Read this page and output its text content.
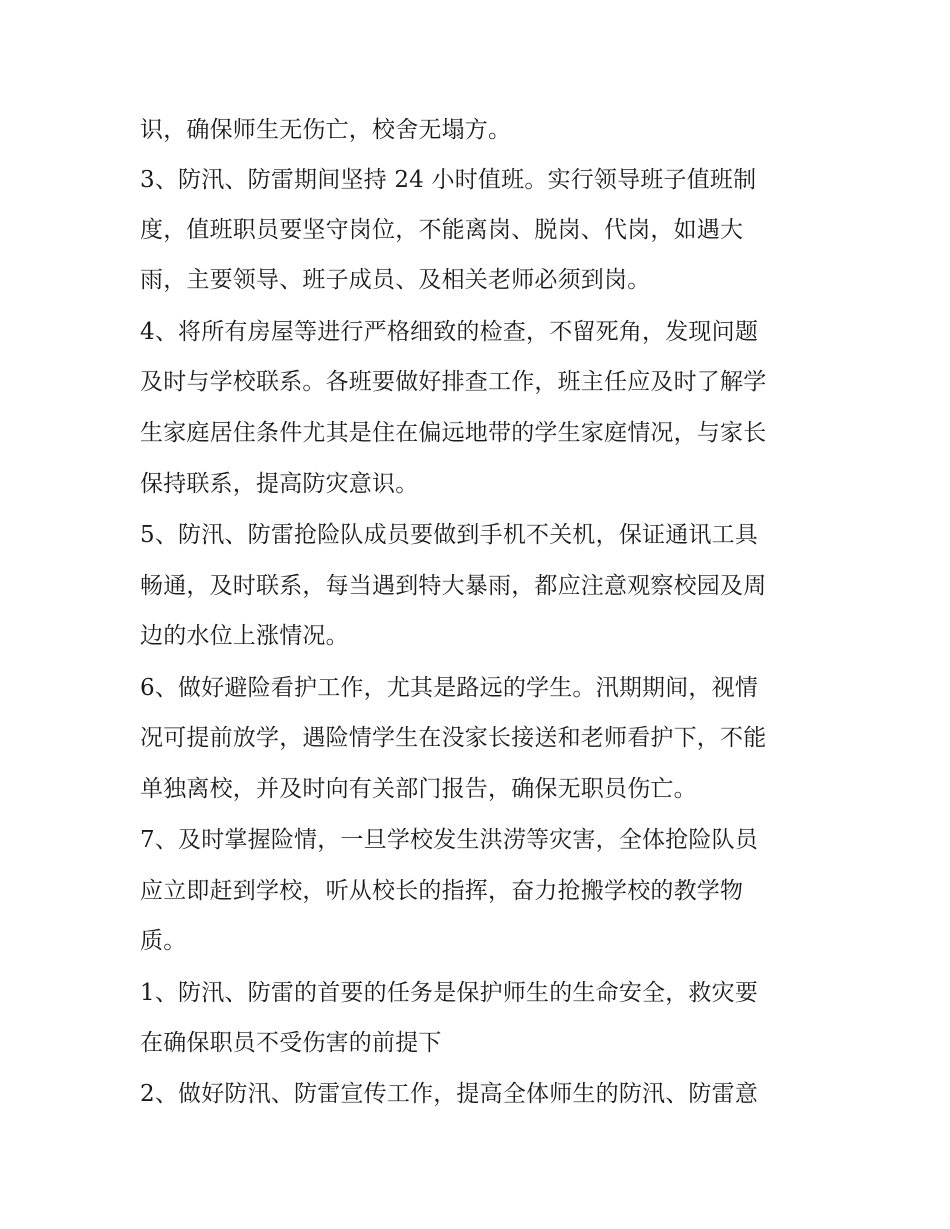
识，确保师生无伤亡，校舍无塌方。
3、防汛、防雷期间坚持 24 小时值班。实行领导班子值班制
度，值班职员要坚守岗位，不能离岗、脱岗、代岗，如遇大
雨，主要领导、班子成员、及相关老师必须到岗。
4、将所有房屋等进行严格细致的检查，不留死角，发现问题
及时与学校联系。各班要做好排查工作，班主任应及时了解学
生家庭居住条件尤其是住在偏远地带的学生家庭情况，与家长
保持联系，提高防灾意识。
5、防汛、防雷抢险队成员要做到手机不关机，保证通讯工具
畅通，及时联系，每当遇到特大暴雨，都应注意观察校园及周
边的水位上涨情况。
6、做好避险看护工作，尤其是路远的学生。汛期期间，视情
况可提前放学，遇险情学生在没家长接送和老师看护下，不能
单独离校，并及时向有关部门报告，确保无职员伤亡。
7、及时掌握险情，一旦学校发生洪涝等灾害，全体抢险队员
应立即赶到学校，听从校长的指挥，奋力抢搬学校的教学物
质。
1、防汛、防雷的首要的任务是保护师生的生命安全，救灾要
在确保职员不受伤害的前提下
2、做好防汛、防雷宣传工作，提高全体师生的防汛、防雷意
